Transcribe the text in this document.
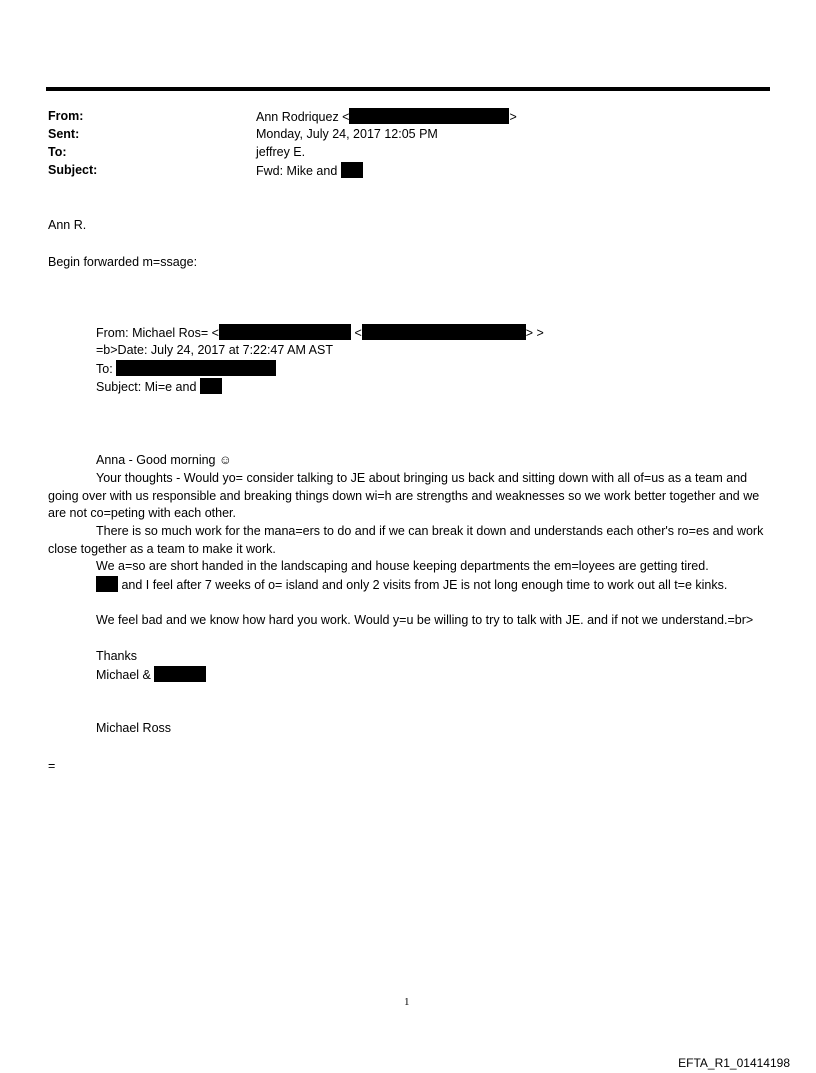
From:	Ann Rodriquez <	>
Sent:	Monday, July 24, 2017 12:05 PM
To:	jeffrey E.
Subject:	Fwd: Mike and
Ann R.
Begin forwarded m=ssage:
From: Michael Ros= <	<	> >
=b>Date: July 24, 2017 at 7:22:47 AM AST
To:
Subject: Mi=e and
Anna - Good morning ☺
Your thoughts - Would yo= consider talking to JE about bringing us back and sitting down with all of=us as a team and going over with us responsible and breaking things down wi=h are strengths and weaknesses so we work better together and we are not co=peting with each other.
There is so much work for the mana=ers to do and if we can break it down and understands each other's ro=es and work close together as a team to make it work.
We a=so are short handed in the landscaping and house keeping departments the em=loyees are getting tired.
and I feel after 7 weeks of o= island and only 2 visits from JE is not long enough time to work out all t=e kinks.
We feel bad and we know how hard you work. Would y=u be willing to try to talk with JE. and if not we understand.=br>
Thanks
Michael &
Michael Ross
=
1
EFTA_R1_01414198
